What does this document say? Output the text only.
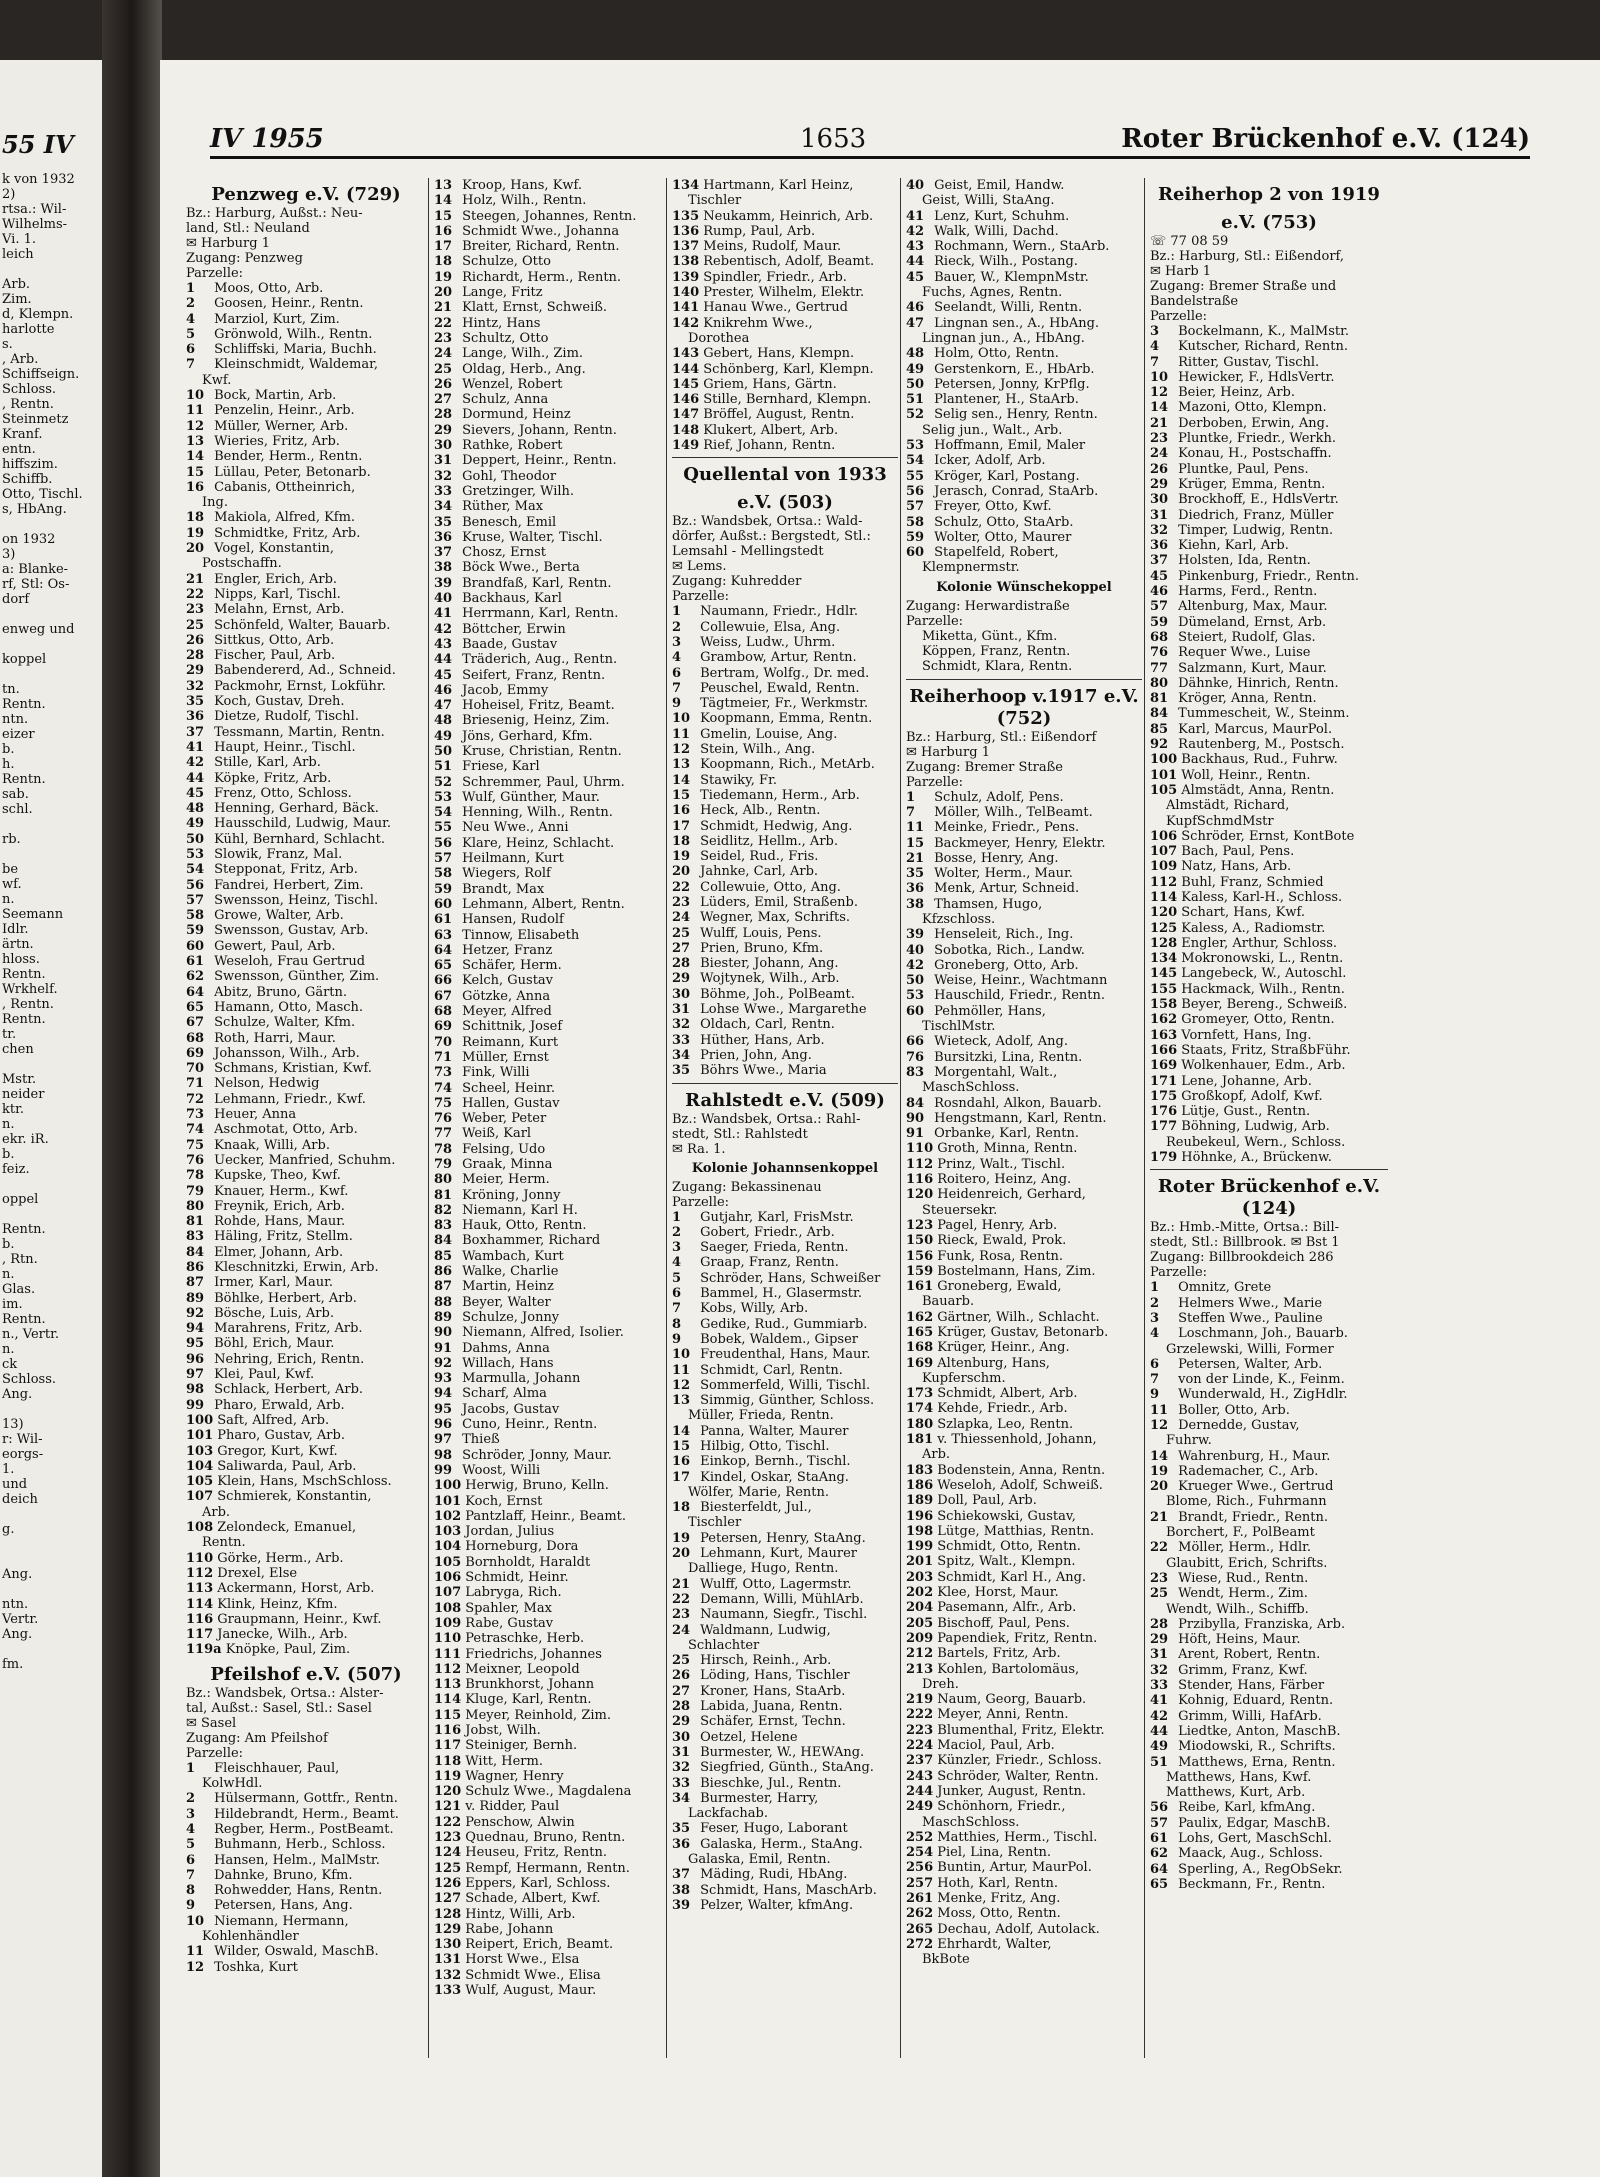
55 IV
k von 1932
2)
rtsa.: Wil-
Wilhelms-
Vi. 1.
leich

Arb.
Zim.
d, Klempn.
harlotte
s.
, Arb.
Schiffseign.
Schloss.
, Rentn.
Steinmetz
Kranf.
entn.
hiffszim.
Schiffb.
Otto, Tischl.
s, HbAng.

on 1932
3)
a: Blanke-
rf, Stl: Os-
dorf

enweg und

koppel

tn.
Rentn.
ntn.
eizer
b.
h.
Rentn.
sab.
schl.

rb.

be
wf.
n.
Seemann
Idlr.
ärtn.
hloss.
Rentn.
Wrkhelf.
, Rentn.
Rentn.
tr.
chen

Mstr.
neider
ktr.
n.
ekr. iR.
b.
feiz.

oppel

Rentn.
b.
, Rtn.
n.
Glas.
im.
Rentn.
n., Vertr.
n.
ck
Schloss.
Ang.

13)
r: Wil-
eorgs-
1.
und
deich

g.

Ang.

ntn.
Vertr.
Ang.

fm.
IV 1955	1653	Roter Brückenhof e.V. (124)
Penzweg e.V. (729)
Bz.: Harburg, Außst.: Neu-
land, Stl.: Neuland
✉ Harburg 1
Zugang: Penzweg
Parzelle:
1 Moos, Otto, Arb.
2 Goosen, Heinr., Rentn.
4 Marziol, Kurt, Zim.
5 Grönwold, Wilh., Rentn.
6 Schliffski, Maria, Buchh.
7 Kleinschmidt, Waldemar,
Kwf.
10 Bock, Martin, Arb.
11 Penzelin, Heinr., Arb.
12 Müller, Werner, Arb.
13 Wieries, Fritz, Arb.
14 Bender, Herm., Rentn.
15 Lüllau, Peter, Betonarb.
16 Cabanis, Ottheinrich,
Ing.
18 Makiola, Alfred, Kfm.
19 Schmidtke, Fritz, Arb.
20 Vogel, Konstantin,
Postschaffn.
21 Engler, Erich, Arb.
22 Nipps, Karl, Tischl.
23 Melahn, Ernst, Arb.
25 Schönfeld, Walter, Bauarb.
26 Sittkus, Otto, Arb.
28 Fischer, Paul, Arb.
29 Babendererd, Ad., Schneid.
32 Packmohr, Ernst, Lokführ.
35 Koch, Gustav, Dreh.
36 Dietze, Rudolf, Tischl.
37 Tessmann, Martin, Rentn.
41 Haupt, Heinr., Tischl.
42 Stille, Karl, Arb.
44 Köpke, Fritz, Arb.
45 Frenz, Otto, Schloss.
48 Henning, Gerhard, Bäck.
49 Hausschild, Ludwig, Maur.
50 Kühl, Bernhard, Schlacht.
53 Slowik, Franz, Mal.
54 Stepponat, Fritz, Arb.
56 Fandrei, Herbert, Zim.
57 Swensson, Heinz, Tischl.
58 Growe, Walter, Arb.
59 Swensson, Gustav, Arb.
60 Gewert, Paul, Arb.
61 Weseloh, Frau Gertrud
62 Swensson, Günther, Zim.
64 Abitz, Bruno, Gärtn.
65 Hamann, Otto, Masch.
67 Schulze, Walter, Kfm.
68 Roth, Harri, Maur.
69 Johansson, Wilh., Arb.
70 Schmans, Kristian, Kwf.
71 Nelson, Hedwig
72 Lehmann, Friedr., Kwf.
73 Heuer, Anna
74 Aschmotat, Otto, Arb.
75 Knaak, Willi, Arb.
76 Uecker, Manfried, Schuhm.
78 Kupske, Theo, Kwf.
79 Knauer, Herm., Kwf.
80 Freynik, Erich, Arb.
81 Rohde, Hans, Maur.
83 Häling, Fritz, Stellm.
84 Elmer, Johann, Arb.
86 Kleschnitzki, Erwin, Arb.
87 Irmer, Karl, Maur.
89 Böhlke, Herbert, Arb.
92 Bösche, Luis, Arb.
94 Marahrens, Fritz, Arb.
95 Böhl, Erich, Maur.
96 Nehring, Erich, Rentn.
97 Klei, Paul, Kwf.
98 Schlack, Herbert, Arb.
99 Pharo, Erwald, Arb.
100 Saft, Alfred, Arb.
101 Pharo, Gustav, Arb.
103 Gregor, Kurt, Kwf.
104 Saliwarda, Paul, Arb.
105 Klein, Hans, MschSchloss.
107 Schmierek, Konstantin,
Arb.
108 Zelondeck, Emanuel,
Rentn.
110 Görke, Herm., Arb.
112 Drexel, Else
113 Ackermann, Horst, Arb.
114 Klink, Heinz, Kfm.
116 Graupmann, Heinr., Kwf.
117 Janecke, Wilh., Arb.
119a Knöpke, Paul, Zim.
Pfeilshof e.V. (507)
Bz.: Wandsbek, Ortsa.: Alster-
tal, Außst.: Sasel, Stl.: Sasel
✉ Sasel
Zugang: Am Pfeilshof
Parzelle:
1 Fleischhauer, Paul,
KolwHdl.
2 Hülsermann, Gottfr., Rentn.
3 Hildebrandt, Herm., Beamt.
4 Regber, Herm., PostBeamt.
5 Buhmann, Herb., Schloss.
6 Hansen, Helm., MalMstr.
7 Dahnke, Bruno, Kfm.
8 Rohwedder, Hans, Rentn.
9 Petersen, Hans, Ang.
10 Niemann, Hermann,
Kohlenhändler
11 Wilder, Oswald, MaschB.
12 Toshka, Kurt
13 Kroop, Hans, Kwf.
14 Holz, Wilh., Rentn.
15 Steegen, Johannes, Rentn.
16 Schmidt Wwe., Johanna
17 Breiter, Richard, Rentn.
18 Schulze, Otto
19 Richardt, Herm., Rentn.
20 Lange, Fritz
21 Klatt, Ernst, Schweiß.
22 Hintz, Hans
23 Schultz, Otto
24 Lange, Wilh., Zim.
25 Oldag, Herb., Ang.
26 Wenzel, Robert
27 Schulz, Anna
28 Dormund, Heinz
29 Sievers, Johann, Rentn.
30 Rathke, Robert
31 Deppert, Heinr., Rentn.
32 Gohl, Theodor
33 Gretzinger, Wilh.
34 Rüther, Max
35 Benesch, Emil
36 Kruse, Walter, Tischl.
37 Chosz, Ernst
38 Böck Wwe., Berta
39 Brandfaß, Karl, Rentn.
40 Backhaus, Karl
41 Herrmann, Karl, Rentn.
42 Böttcher, Erwin
43 Baade, Gustav
44 Träderich, Aug., Rentn.
45 Seifert, Franz, Rentn.
46 Jacob, Emmy
47 Hoheisel, Fritz, Beamt.
48 Briesenig, Heinz, Zim.
49 Jöns, Gerhard, Kfm.
50 Kruse, Christian, Rentn.
51 Friese, Karl
52 Schremmer, Paul, Uhrm.
53 Wulf, Günther, Maur.
54 Henning, Wilh., Rentn.
55 Neu Wwe., Anni
56 Klare, Heinz, Schlacht.
57 Heilmann, Kurt
58 Wiegers, Rolf
59 Brandt, Max
60 Lehmann, Albert, Rentn.
61 Hansen, Rudolf
63 Tinnow, Elisabeth
64 Hetzer, Franz
65 Schäfer, Herm.
66 Kelch, Gustav
67 Götzke, Anna
68 Meyer, Alfred
69 Schittnik, Josef
70 Reimann, Kurt
71 Müller, Ernst
73 Fink, Willi
74 Scheel, Heinr.
75 Hallen, Gustav
76 Weber, Peter
77 Weiß, Karl
78 Felsing, Udo
79 Graak, Minna
80 Meier, Herm.
81 Kröning, Jonny
82 Niemann, Karl H.
83 Hauk, Otto, Rentn.
84 Boxhammer, Richard
85 Wambach, Kurt
86 Walke, Charlie
87 Martin, Heinz
88 Beyer, Walter
89 Schulze, Jonny
90 Niemann, Alfred, Isolier.
91 Dahms, Anna
92 Willach, Hans
93 Marmulla, Johann
94 Scharf, Alma
95 Jacobs, Gustav
96 Cuno, Heinr., Rentn.
97 Thieß
98 Schröder, Jonny, Maur.
99 Woost, Willi
100 Herwig, Bruno, Kelln.
101 Koch, Ernst
102 Pantzlaff, Heinr., Beamt.
103 Jordan, Julius
104 Horneburg, Dora
105 Bornholdt, Haraldt
106 Schmidt, Heinr.
107 Labryga, Rich.
108 Spahler, Max
109 Rabe, Gustav
110 Petraschke, Herb.
111 Friedrichs, Johannes
112 Meixner, Leopold
113 Brunkhorst, Johann
114 Kluge, Karl, Rentn.
115 Meyer, Reinhold, Zim.
116 Jobst, Wilh.
117 Steiniger, Bernh.
118 Witt, Herm.
119 Wagner, Henry
120 Schulz Wwe., Magdalena
121 v. Ridder, Paul
122 Penschow, Alwin
123 Quednau, Bruno, Rentn.
124 Heuseu, Fritz, Rentn.
125 Rempf, Hermann, Rentn.
126 Eppers, Karl, Schloss.
127 Schade, Albert, Kwf.
128 Hintz, Willi, Arb.
129 Rabe, Johann
130 Reipert, Erich, Beamt.
131 Horst Wwe., Elsa
132 Schmidt Wwe., Elisa
133 Wulf, August, Maur.
134 Hartmann, Karl Heinz,
Tischler
135 Neukamm, Heinrich, Arb.
136 Rump, Paul, Arb.
137 Meins, Rudolf, Maur.
138 Rebentisch, Adolf, Beamt.
139 Spindler, Friedr., Arb.
140 Prester, Wilhelm, Elektr.
141 Hanau Wwe., Gertrud
142 Knikrehm Wwe.,
Dorothea
143 Gebert, Hans, Klempn.
144 Schönberg, Karl, Klempn.
145 Griem, Hans, Gärtn.
146 Stille, Bernhard, Klempn.
147 Bröffel, August, Rentn.
148 Klukert, Albert, Arb.
149 Rief, Johann, Rentn.
Quellental von 1933
e.V. (503)
Bz.: Wandsbek, Ortsa.: Wald-
dörfer, Außst.: Bergstedt, Stl.:
Lemsahl - Mellingstedt
✉ Lems.
Zugang: Kuhredder
Parzelle:
1 Naumann, Friedr., Hdlr.
2 Collewuie, Elsa, Ang.
3 Weiss, Ludw., Uhrm.
4 Grambow, Artur, Rentn.
6 Bertram, Wolfg., Dr. med.
7 Peuschel, Ewald, Rentn.
9 Tägtmeier, Fr., Werkmstr.
10 Koopmann, Emma, Rentn.
11 Gmelin, Louise, Ang.
12 Stein, Wilh., Ang.
13 Koopmann, Rich., MetArb.
14 Stawiky, Fr.
15 Tiedemann, Herm., Arb.
16 Heck, Alb., Rentn.
17 Schmidt, Hedwig, Ang.
18 Seidlitz, Hellm., Arb.
19 Seidel, Rud., Fris.
20 Jahnke, Carl, Arb.
22 Collewuie, Otto, Ang.
23 Lüders, Emil, Straßenb.
24 Wegner, Max, Schrifts.
25 Wulff, Louis, Pens.
27 Prien, Bruno, Kfm.
28 Biester, Johann, Ang.
29 Wojtynek, Wilh., Arb.
30 Böhme, Joh., PolBeamt.
31 Lohse Wwe., Margarethe
32 Oldach, Carl, Rentn.
33 Hüther, Hans, Arb.
34 Prien, John, Ang.
35 Böhrs Wwe., Maria
Rahlstedt e.V. (509)
Bz.: Wandsbek, Ortsa.: Rahl-
stedt, Stl.: Rahlstedt
✉ Ra. 1.
Kolonie Johannsenkoppel
Zugang: Bekassinenau
Parzelle:
1 Gutjahr, Karl, FrisMstr.
2 Gobert, Friedr., Arb.
3 Saeger, Frieda, Rentn.
4 Graap, Franz, Rentn.
5 Schröder, Hans, Schweißer
6 Bammel, H., Glasermstr.
7 Kobs, Willy, Arb.
8 Gedike, Rud., Gummiarb.
9 Bobek, Waldem., Gipser
10 Freudenthal, Hans, Maur.
11 Schmidt, Carl, Rentn.
12 Sommerfeld, Willi, Tischl.
13 Simmig, Günther, Schloss.
Müller, Frieda, Rentn.
14 Panna, Walter, Maurer
15 Hilbig, Otto, Tischl.
16 Einkop, Bernh., Tischl.
17 Kindel, Oskar, StaAng.
Wölfer, Marie, Rentn.
18 Biesterfeldt, Jul.,
Tischler
19 Petersen, Henry, StaAng.
20 Lehmann, Kurt, Maurer
Dalliege, Hugo, Rentn.
21 Wulff, Otto, Lagermstr.
22 Demann, Willi, MühlArb.
23 Naumann, Siegfr., Tischl.
24 Waldmann, Ludwig,
Schlachter
25 Hirsch, Reinh., Arb.
26 Löding, Hans, Tischler
27 Kroner, Hans, StaArb.
28 Labida, Juana, Rentn.
29 Schäfer, Ernst, Techn.
30 Oetzel, Helene
31 Burmester, W., HEWAng.
32 Siegfried, Günth., StaAng.
33 Bieschke, Jul., Rentn.
34 Burmester, Harry,
Lackfachab.
35 Feser, Hugo, Laborant
36 Galaska, Herm., StaAng.
Galaska, Emil, Rentn.
37 Mäding, Rudi, HbAng.
38 Schmidt, Hans, MaschArb.
39 Pelzer, Walter, kfmAng.
40 Geist, Emil, Handw.
Geist, Willi, StaAng.
41 Lenz, Kurt, Schuhm.
42 Walk, Willi, Dachd.
43 Rochmann, Wern., StaArb.
44 Rieck, Wilh., Postang.
45 Bauer, W., KlempnMstr.
Fuchs, Agnes, Rentn.
46 Seelandt, Willi, Rentn.
47 Lingnan sen., A., HbAng.
Lingnan jun., A., HbAng.
48 Holm, Otto, Rentn.
49 Gerstenkorn, E., HbArb.
50 Petersen, Jonny, KrPflg.
51 Plantener, H., StaArb.
52 Selig sen., Henry, Rentn.
Selig jun., Walt., Arb.
53 Hoffmann, Emil, Maler
54 Icker, Adolf, Arb.
55 Kröger, Karl, Postang.
56 Jerasch, Conrad, StaArb.
57 Freyer, Otto, Kwf.
58 Schulz, Otto, StaArb.
59 Wolter, Otto, Maurer
60 Stapelfeld, Robert,
Klempnermstr.
Kolonie Wünschekoppel
Zugang: Herwardistraße
Parzelle:
Miketta, Günt., Kfm.
Köppen, Franz, Rentn.
Schmidt, Klara, Rentn.
Reiherhoop v.1917 e.V.(752)
Bz.: Harburg, Stl.: Eißendorf
✉ Harburg 1
Zugang: Bremer Straße
Parzelle:
1 Schulz, Adolf, Pens.
7 Möller, Wilh., TelBeamt.
11 Meinke, Friedr., Pens.
15 Backmeyer, Henry, Elektr.
21 Bosse, Henry, Ang.
35 Wolter, Herm., Maur.
36 Menk, Artur, Schneid.
38 Thamsen, Hugo,
Kfzschloss.
39 Henseleit, Rich., Ing.
40 Sobotka, Rich., Landw.
42 Groneberg, Otto, Arb.
50 Weise, Heinr., Wachtmann
53 Hauschild, Friedr., Rentn.
60 Pehmöller, Hans,
TischlMstr.
66 Wieteck, Adolf, Ang.
76 Bursitzki, Lina, Rentn.
83 Morgentahl, Walt.,
MaschSchloss.
84 Rosndahl, Alkon, Bauarb.
90 Hengstmann, Karl, Rentn.
91 Orbanke, Karl, Rentn.
110 Groth, Minna, Rentn.
112 Prinz, Walt., Tischl.
116 Roitero, Heinz, Ang.
120 Heidenreich, Gerhard,
Steuersekr.
123 Pagel, Henry, Arb.
150 Rieck, Ewald, Prok.
156 Funk, Rosa, Rentn.
159 Bostelmann, Hans, Zim.
161 Groneberg, Ewald,
Bauarb.
162 Gärtner, Wilh., Schlacht.
165 Krüger, Gustav, Betonarb.
168 Krüger, Heinr., Ang.
169 Altenburg, Hans,
Kupferschm.
173 Schmidt, Albert, Arb.
174 Kehde, Friedr., Arb.
180 Szlapka, Leo, Rentn.
181 v. Thiessenhold, Johann,
Arb.
183 Bodenstein, Anna, Rentn.
186 Weseloh, Adolf, Schweiß.
189 Doll, Paul, Arb.
196 Schiekowski, Gustav,
198 Lütge, Matthias, Rentn.
199 Schmidt, Otto, Rentn.
201 Spitz, Walt., Klempn.
203 Schmidt, Karl H., Ang.
202 Klee, Horst, Maur.
204 Pasemann, Alfr., Arb.
205 Bischoff, Paul, Pens.
209 Papendiek, Fritz, Rentn.
212 Bartels, Fritz, Arb.
213 Kohlen, Bartolomäus,
Dreh.
219 Naum, Georg, Bauarb.
222 Meyer, Anni, Rentn.
223 Blumenthal, Fritz, Elektr.
224 Maciol, Paul, Arb.
237 Künzler, Friedr., Schloss.
243 Schröder, Walter, Rentn.
244 Junker, August, Rentn.
249 Schönhorn, Friedr.,
MaschSchloss.
252 Matthies, Herm., Tischl.
254 Piel, Lina, Rentn.
256 Buntin, Artur, MaurPol.
257 Hoth, Karl, Rentn.
261 Menke, Fritz, Ang.
262 Moss, Otto, Rentn.
265 Dechau, Adolf, Autolack.
272 Ehrhardt, Walter,
BkBote
Reiherhop 2 von 1919
e.V. (753)
☏ 77 08 59
Bz.: Harburg, Stl.: Eißendorf,
✉ Harb 1
Zugang: Bremer Straße und
Bandelstraße
Parzelle:
3 Bockelmann, K., MalMstr.
4 Kutscher, Richard, Rentn.
7 Ritter, Gustav, Tischl.
10 Hewicker, F., HdlsVertr.
12 Beier, Heinz, Arb.
14 Mazoni, Otto, Klempn.
21 Derboben, Erwin, Ang.
23 Pluntke, Friedr., Werkh.
24 Konau, H., Postschaffn.
26 Pluntke, Paul, Pens.
29 Krüger, Emma, Rentn.
30 Brockhoff, E., HdlsVertr.
31 Diedrich, Franz, Müller
32 Timper, Ludwig, Rentn.
36 Kiehn, Karl, Arb.
37 Holsten, Ida, Rentn.
45 Pinkenburg, Friedr., Rentn.
46 Harms, Ferd., Rentn.
57 Altenburg, Max, Maur.
59 Dümeland, Ernst, Arb.
68 Steiert, Rudolf, Glas.
76 Requer Wwe., Luise
77 Salzmann, Kurt, Maur.
80 Dähnke, Hinrich, Rentn.
81 Kröger, Anna, Rentn.
84 Tummescheit, W., Steinm.
85 Karl, Marcus, MaurPol.
92 Rautenberg, M., Postsch.
100 Backhaus, Rud., Fuhrw.
101 Woll, Heinr., Rentn.
105 Almstädt, Anna, Rentn.
Almstädt, Richard,
KupfSchmdMstr
106 Schröder, Ernst, KontBote
107 Bach, Paul, Pens.
109 Natz, Hans, Arb.
112 Buhl, Franz, Schmied
114 Kaless, Karl-H., Schloss.
120 Schart, Hans, Kwf.
125 Kaless, A., Radiomstr.
128 Engler, Arthur, Schloss.
134 Mokronowski, L., Rentn.
145 Langebeck, W., Autoschl.
155 Hackmack, Wilh., Rentn.
158 Beyer, Bereng., Schweiß.
162 Gromeyer, Otto, Rentn.
163 Vornfett, Hans, Ing.
166 Staats, Fritz, StraßbFühr.
169 Wolkenhauer, Edm., Arb.
171 Lene, Johanne, Arb.
175 Großkopf, Adolf, Kwf.
176 Lütje, Gust., Rentn.
177 Böhning, Ludwig, Arb.
Reubekeul, Wern., Schloss.
179 Höhnke, A., Brückenw.
Roter Brückenhof e.V. (124)
Bz.: Hmb.-Mitte, Ortsa.: Bill-
stedt, Stl.: Billbrook. ✉ Bst 1
Zugang: Billbrookdeich 286
Parzelle:
1 Omnitz, Grete
2 Helmers Wwe., Marie
3 Steffen Wwe., Pauline
4 Loschmann, Joh., Bauarb.
Grzelewski, Willi, Former
6 Petersen, Walter, Arb.
7 von der Linde, K., Feinm.
9 Wunderwald, H., ZigHdlr.
11 Boller, Otto, Arb.
12 Dernedde, Gustav,
Fuhrw.
14 Wahrenburg, H., Maur.
19 Rademacher, C., Arb.
20 Krueger Wwe., Gertrud
Blome, Rich., Fuhrmann
21 Brandt, Friedr., Rentn.
Borchert, F., PolBeamt
22 Möller, Herm., Hdlr.
Glaubitt, Erich, Schrifts.
23 Wiese, Rud., Rentn.
25 Wendt, Herm., Zim.
Wendt, Wilh., Schiffb.
28 Przibylla, Franziska, Arb.
29 Höft, Heins, Maur.
31 Arent, Robert, Rentn.
32 Grimm, Franz, Kwf.
33 Stender, Hans, Färber
41 Kohnig, Eduard, Rentn.
42 Grimm, Willi, HafArb.
44 Liedtke, Anton, MaschB.
49 Miodowski, R., Schrifts.
51 Matthews, Erna, Rentn.
Matthews, Hans, Kwf.
Matthews, Kurt, Arb.
56 Reibe, Karl, kfmAng.
57 Paulix, Edgar, MaschB.
61 Lohs, Gert, MaschSchl.
62 Maack, Aug., Schloss.
64 Sperling, A., RegObSekr.
65 Beckmann, Fr., Rentn.
